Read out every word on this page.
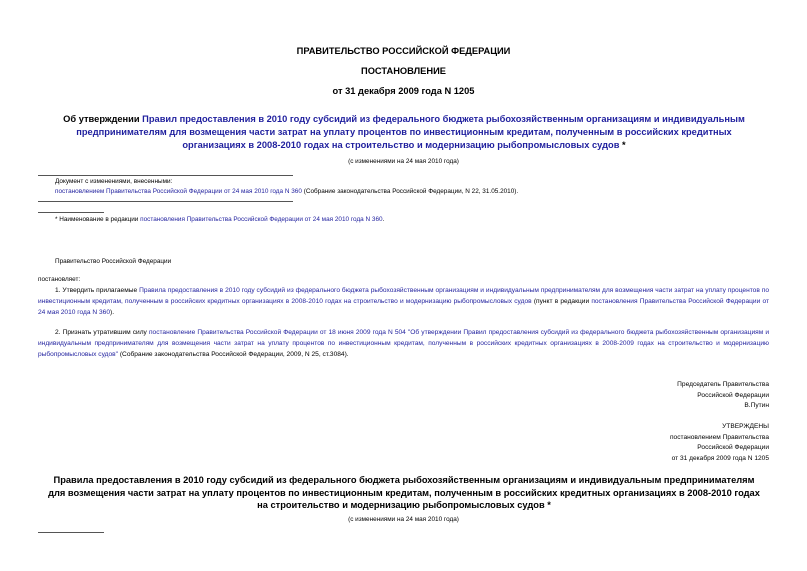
ПРАВИТЕЛЬСТВО РОССИЙСКОЙ ФЕДЕРАЦИИ
ПОСТАНОВЛЕНИЕ
от 31 декабря 2009 года N 1205
Об утверждении Правил предоставления в 2010 году субсидий из федерального бюджета рыбохозяйственным организациям и индивидуальным предпринимателям для возмещения части затрат на уплату процентов по инвестиционным кредитам, полученным в российских кредитных организациях в 2008-2010 годах на строительство и модернизацию рыбопромысловых судов *
(с изменениями на 24 мая 2010 года)
Документ с изменениями, внесенными:
постановлением Правительства Российской Федерации от 24 мая 2010 года N 360 (Собрание законодательства Российской Федерации, N 22, 31.05.2010).
* Наименование в редакции постановления Правительства Российской Федерации от 24 мая 2010 года N 360.
Правительство Российской Федерации
постановляет:
1. Утвердить прилагаемые Правила предоставления в 2010 году субсидий из федерального бюджета рыбохозяйственным организациям и индивидуальным предпринимателям для возмещения части затрат на уплату процентов по инвестиционным кредитам, полученным в российских кредитных организациях в 2008-2010 годах на строительство и модернизацию рыбопромысловых судов (пункт в редакции постановления Правительства Российской Федерации от 24 мая 2010 года N 360).
2. Признать утратившим силу постановление Правительства Российской Федерации от 18 июня 2009 года N 504 "Об утверждении Правил предоставления субсидий из федерального бюджета рыбохозяйственным организациям и индивидуальным предпринимателям для возмещения части затрат на уплату процентов по инвестиционным кредитам, полученным в российских кредитных организациях в 2008-2009 годах на строительство и модернизацию рыбопромысловых судов" (Собрание законодательства Российской Федерации, 2009, N 25, ст.3084).

Председатель Правительства

Российской Федерации

В.Путин

УТВЕРЖДЕНЫ

постановлением Правительства

Российской Федерации

от 31 декабря 2009 года N 1205

Правила предоставления в 2010 году субсидий из федерального бюджета рыбохозяйственным организациям и индивидуальным предпринимателям для возмещения части затрат на уплату процентов по инвестиционным кредитам, полученным в российских кредитных организациях в 2008-2010 годах на строительство и модернизацию рыбопромысловых судов *
(с изменениями на 24 мая 2010 года)
